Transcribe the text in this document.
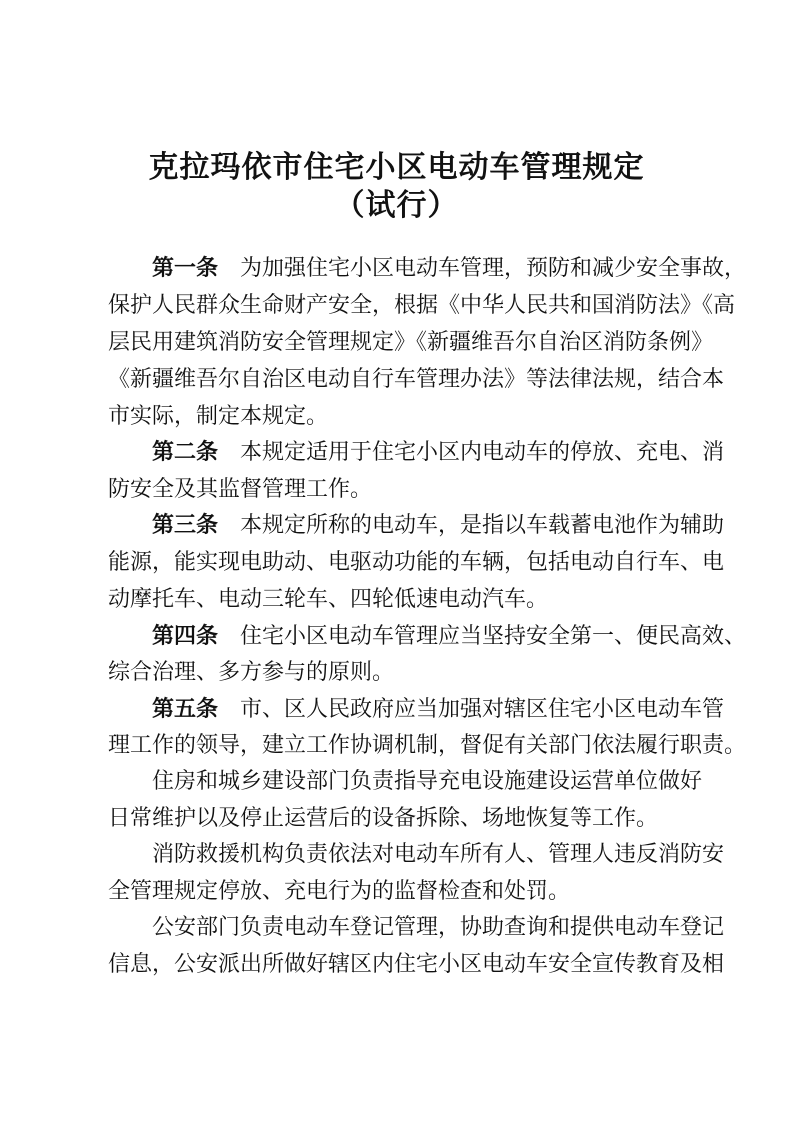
克拉玛依市住宅小区电动车管理规定
（试行）
第一条 为加强住宅小区电动车管理，预防和减少安全事故，
保护人民群众生命财产安全，根据《中华人民共和国消防法》《高
层民用建筑消防安全管理规定》《新疆维吾尔自治区消防条例》
《新疆维吾尔自治区电动自行车管理办法》等法律法规，结合本
市实际，制定本规定。
第二条 本规定适用于住宅小区内电动车的停放、充电、消
防安全及其监督管理工作。
第三条 本规定所称的电动车，是指以车载蓄电池作为辅助
能源，能实现电助动、电驱动功能的车辆，包括电动自行车、电
动摩托车、电动三轮车、四轮低速电动汽车。
第四条 住宅小区电动车管理应当坚持安全第一、便民高效、
综合治理、多方参与的原则。
第五条 市、区人民政府应当加强对辖区住宅小区电动车管
理工作的领导，建立工作协调机制，督促有关部门依法履行职责。
住房和城乡建设部门负责指导充电设施建设运营单位做好
日常维护以及停止运营后的设备拆除、场地恢复等工作。
消防救援机构负责依法对电动车所有人、管理人违反消防安
全管理规定停放、充电行为的监督检查和处罚。
公安部门负责电动车登记管理，协助查询和提供电动车登记
信息，公安派出所做好辖区内住宅小区电动车安全宣传教育及相
